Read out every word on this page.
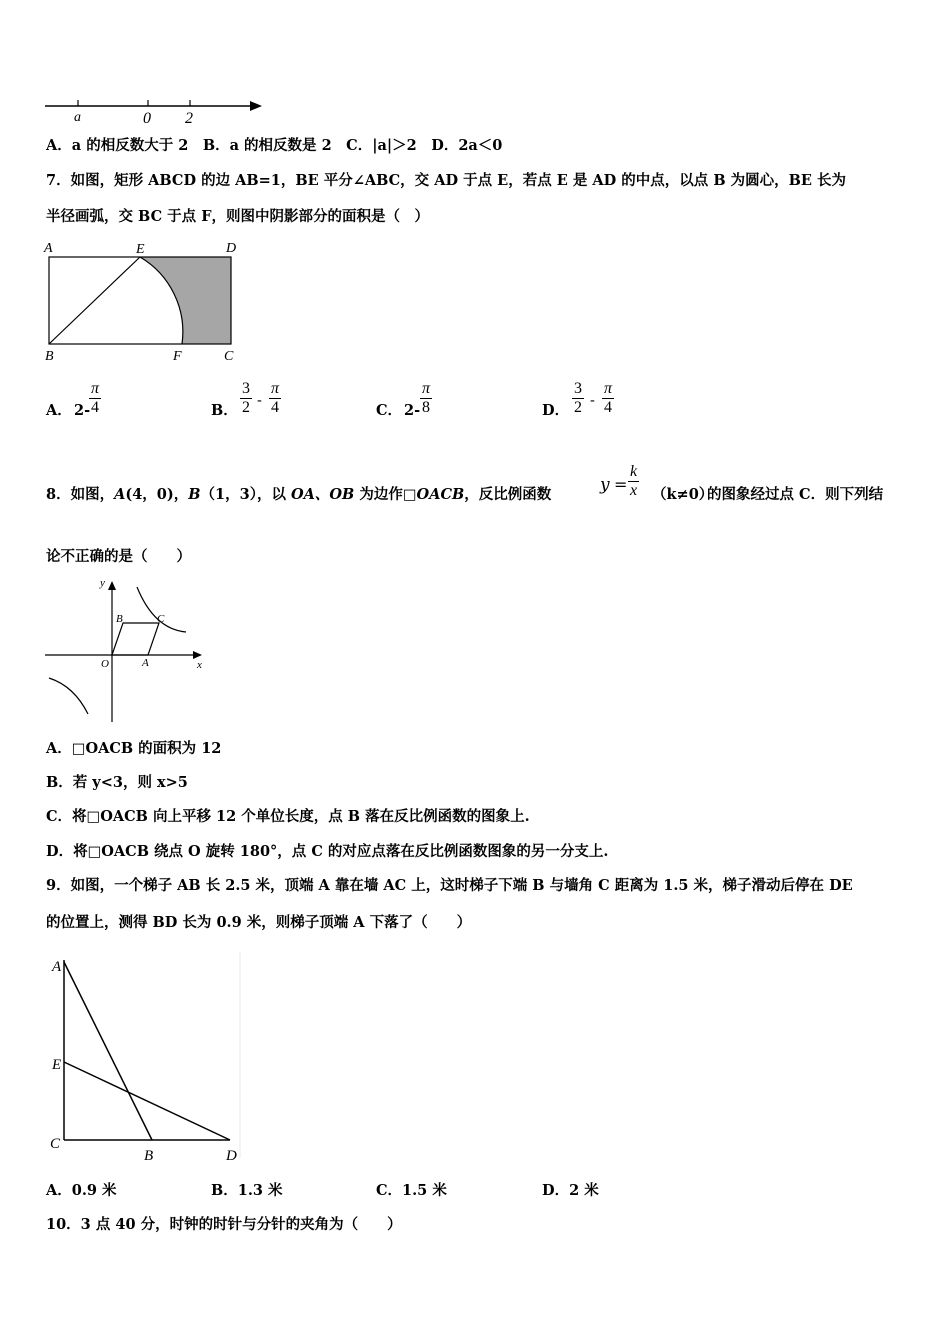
a	0 2
A．a 的相反数大于 2　B．a 的相反数是 2　C．|a|＞2　D．2a＜0
7．如图，矩形 ABCD 的边 AB=1，BE 平分∠ABC，交 AD 于点 E，若点 E 是 AD 的中点，以点 B 为圆心，BE 长为
半径画弧，交 BC 于点 F，则图中阴影部分的面积是（　）
A	E	D
B	F	C
A． 2-
$\frac{\pi}{4}$	B． $\frac{3}{2} - \frac{\pi}{4}$	C． $2- \frac{\pi}{8}$	D． $\frac{3}{2} - \frac{\pi}{4}$
8．如图，A(4，0)，B（1，3），以 OA、OB 为边作□OACB，反比例函数	$y = \frac{k}{x} (k\ne 0)$
的图象经过点 C．则下列结
论不正确的是（　　）
y
x
O	A
B	C
A．□OACB 的面积为 12
B．若 y<3，则 x>5
C．将□OACB 向上平移 12 个单位长度，点 B 落在反比例函数的图象上.
D．将□OACB 绕点 O 旋转 180°，点 C 的对应点落在反比例函数图象的另一分支上.
9．如图，一个梯子 AB 长 2.5 米，顶端 A 靠在墙 AC 上，这时梯子下端 B 与墙角 C 距离为 1.5 米，梯子滑动后停在 DE
的位置上，测得 BD 长为 0.9 米，则梯子顶端 A 下落了（　　）
A
E
C
B	D
A．0.9 米	B．1.3 米	C．1.5 米	D．2 米
10．3 点 40 分，时钟的时针与分针的夹角为（　　）
